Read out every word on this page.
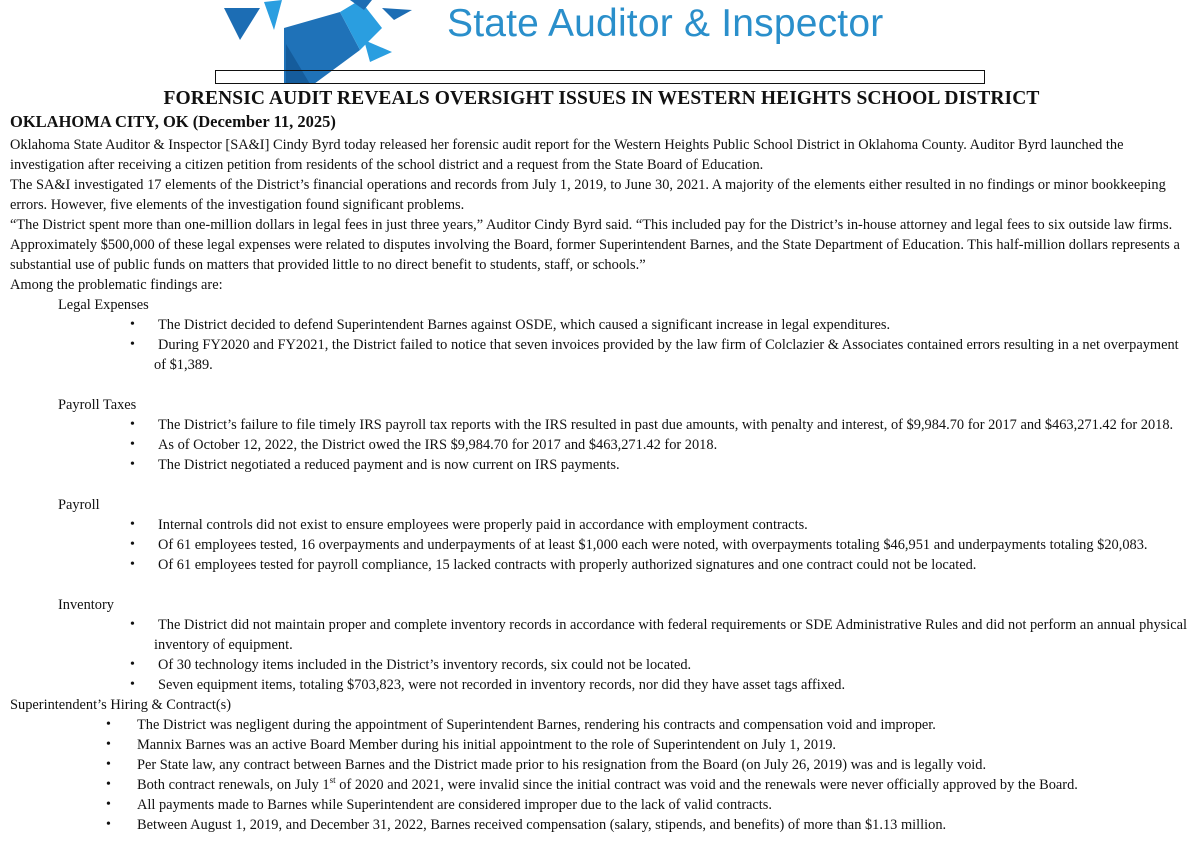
State Auditor & Inspector
FORENSIC AUDIT REVEALS OVERSIGHT ISSUES IN WESTERN HEIGHTS SCHOOL DISTRICT
OKLAHOMA CITY, OK (December 11, 2025)

Oklahoma State Auditor & Inspector [SA&I] Cindy Byrd today released her forensic audit report for the Western Heights Public School District in Oklahoma County. Auditor Byrd launched the investigation after receiving a citizen petition from residents of the school district and a request from the State Board of Education.

The SA&I investigated 17 elements of the District’s financial operations and records from July 1, 2019, to June 30, 2021. A majority of the elements either resulted in no findings or minor bookkeeping errors. However, five elements of the investigation found significant problems.

“The District spent more than one-million dollars in legal fees in just three years,” Auditor Cindy Byrd said. “This included pay for the District’s in-house attorney and legal fees to six outside law firms. Approximately $500,000 of these legal expenses were related to disputes involving the Board, former Superintendent Barnes, and the State Department of Education. This half-million dollars represents a substantial use of public funds on matters that provided little to no direct benefit to students, staff, or schools.”

Among the problematic findings are:

Legal Expenses

• The District decided to defend Superintendent Barnes against OSDE, which caused a significant increase in legal expenditures.
• During FY2020 and FY2021, the District failed to notice that seven invoices provided by the law firm of Colclazier & Associates contained errors resulting in a net overpayment of $1,389.

Payroll Taxes

• The District’s failure to file timely IRS payroll tax reports with the IRS resulted in past due amounts, with penalty and interest, of $9,984.70 for 2017 and $463,271.42 for 2018.
• As of October 12, 2022, the District owed the IRS $9,984.70 for 2017 and $463,271.42 for 2018.
• The District negotiated a reduced payment and is now current on IRS payments.

Payroll

• Internal controls did not exist to ensure employees were properly paid in accordance with employment contracts.
• Of 61 employees tested, 16 overpayments and underpayments of at least $1,000 each were noted, with overpayments totaling $46,951 and underpayments totaling $20,083.
• Of 61 employees tested for payroll compliance, 15 lacked contracts with properly authorized signatures and one contract could not be located.

Inventory

• The District did not maintain proper and complete inventory records in accordance with federal requirements or SDE Administrative Rules and did not perform an annual physical inventory of equipment.
• Of 30 technology items included in the District’s inventory records, six could not be located.
• Seven equipment items, totaling $703,823, were not recorded in inventory records, nor did they have asset tags affixed.

Superintendent’s Hiring & Contract(s)

• The District was negligent during the appointment of Superintendent Barnes, rendering his contracts and compensation void and improper.
• Mannix Barnes was an active Board Member during his initial appointment to the role of Superintendent on July 1, 2019.
• Per State law, any contract between Barnes and the District made prior to his resignation from the Board (on July 26, 2019) was and is legally void.
• Both contract renewals, on July 1st of 2020 and 2021, were invalid since the initial contract was void and the renewals were never officially approved by the Board.
• All payments made to Barnes while Superintendent are considered improper due to the lack of valid contracts.
• Between August 1, 2019, and December 31, 2022, Barnes received compensation (salary, stipends, and benefits) of more than $1.13 million.
